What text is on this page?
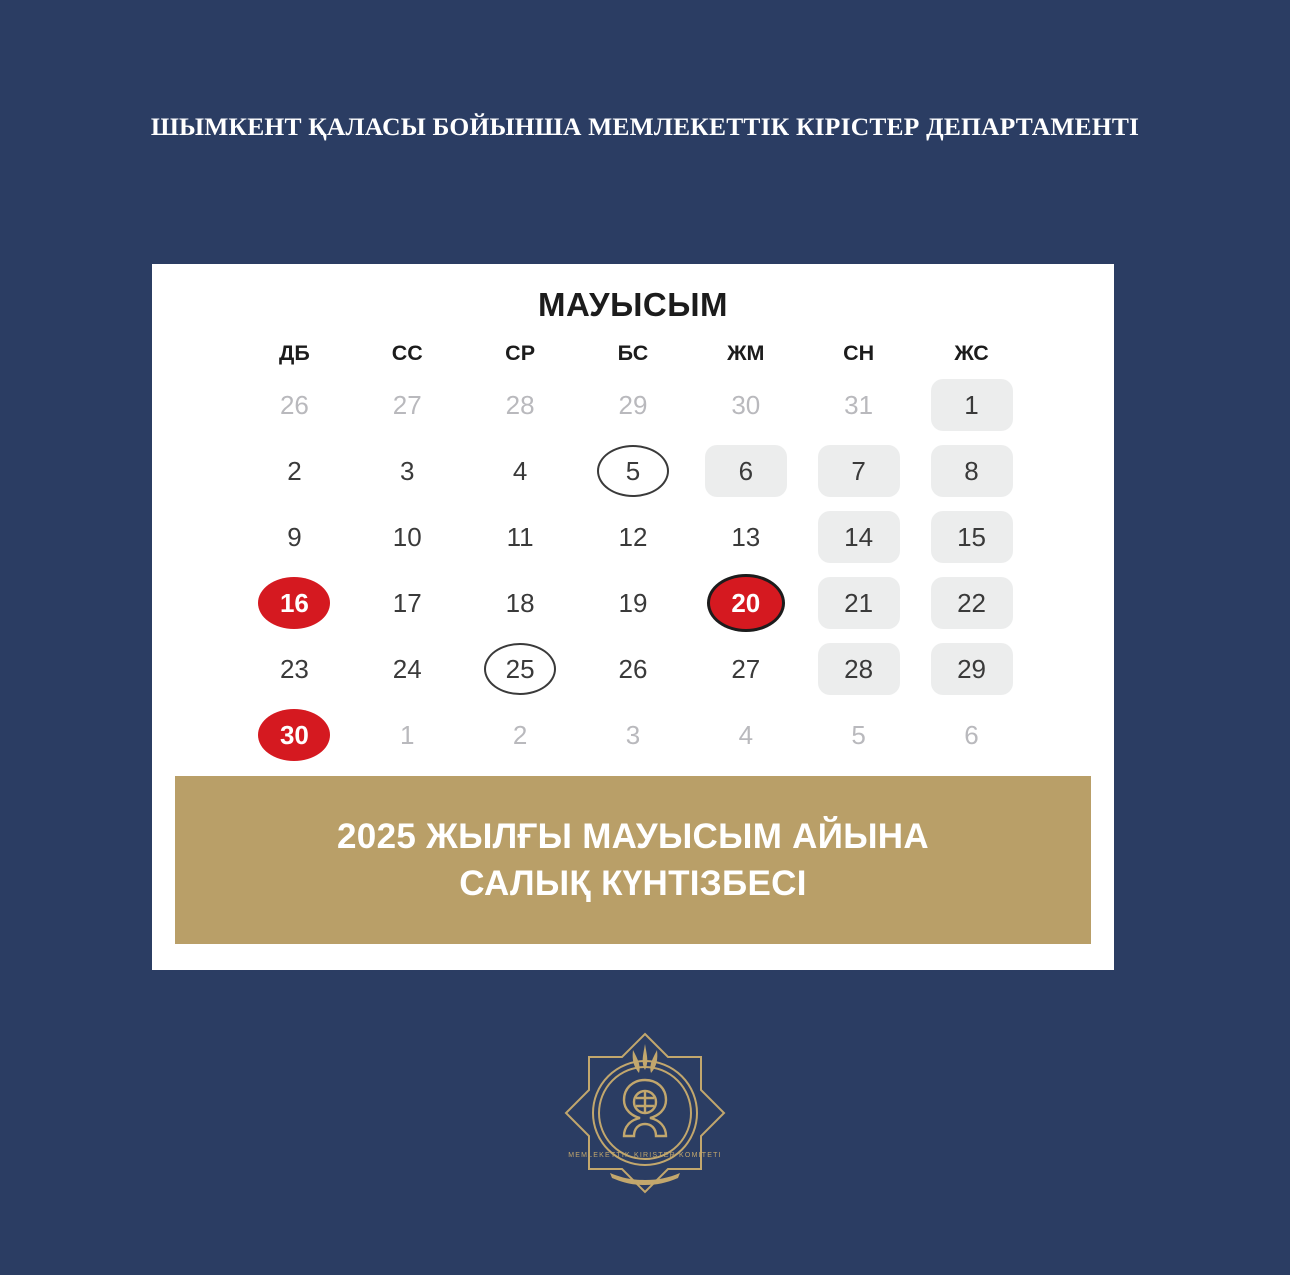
ШЫМКЕНТ ҚАЛАСЫ БОЙЫНША МЕМЛЕКЕТТІК КІРІСТЕР ДЕПАРТАМЕНТІ
МАУЫСЫМ
ДБ	СС	СР	БС	ЖМ	СН	ЖС

26	27	28	29	30	31	1

2	3	4	5	6	7	8

9	10	11	12	13	14	15

16	17	18	19	20	21	22

23	24	25	26	27	28	29

30	1	2	3	4	5	6
2025 ЖЫЛҒЫ МАУЫСЫМ АЙЫНА
САЛЫҚ КҮНТІЗБЕСІ
MEMLEKETTIK KIRISTER KOMITETI
